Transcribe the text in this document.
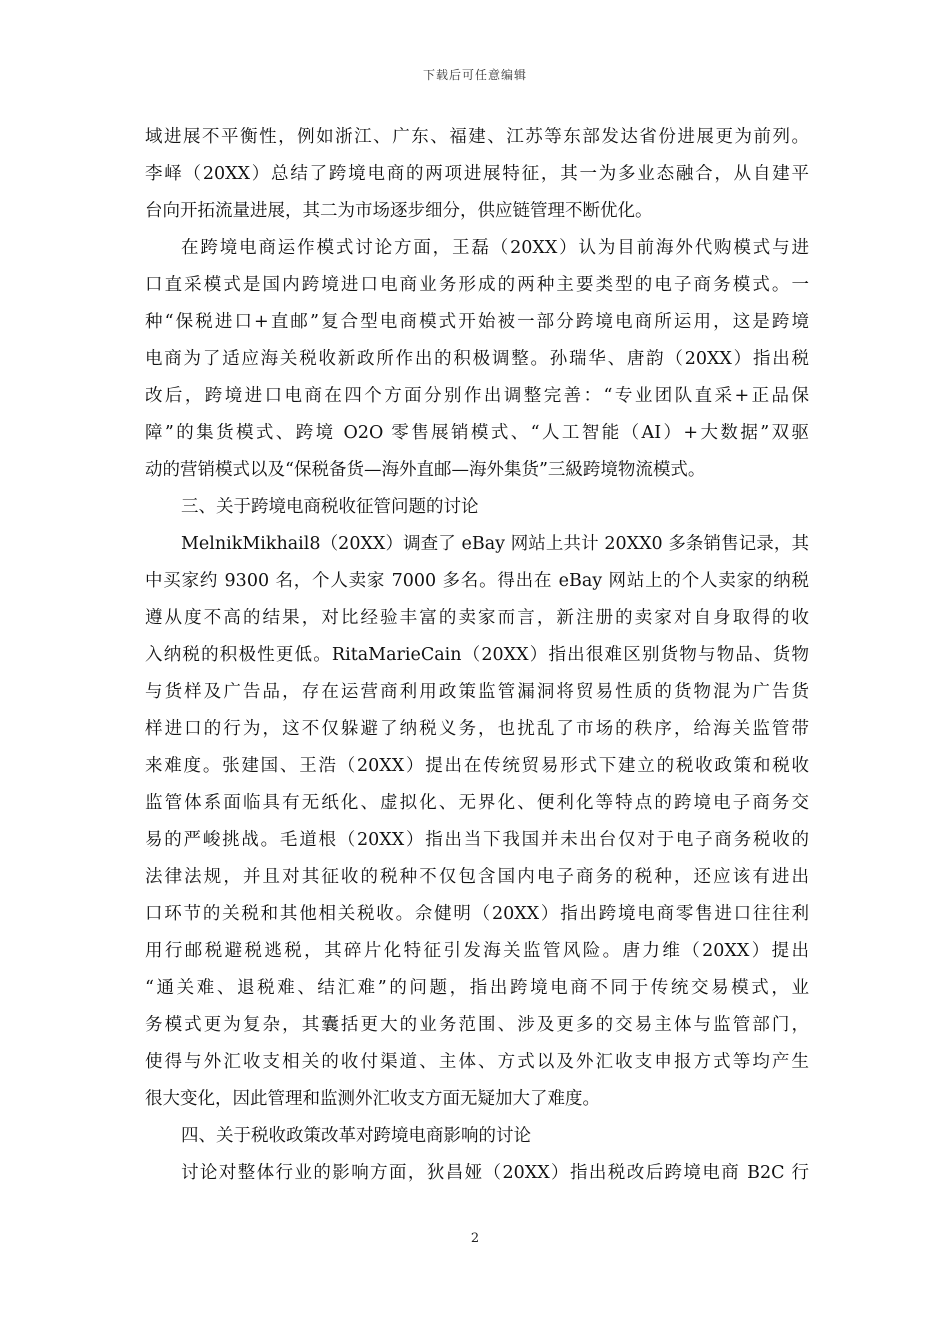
下载后可任意编辑
域进展不平衡性，例如浙江、广东、福建、江苏等东部发达省份进展更为前列。
李峄（20XX）总结了跨境电商的两项进展特征，其一为多业态融合，从自建平
台向开拓流量进展，其二为市场逐步细分，供应链管理不断优化。
在跨境电商运作模式讨论方面，王磊（20XX）认为目前海外代购模式与进
口直采模式是国内跨境进口电商业务形成的两种主要类型的电子商务模式。一
种“保税进口+直邮”复合型电商模式开始被一部分跨境电商所运用，这是跨境
电商为了适应海关税收新政所作出的积极调整。孙瑞华、唐韵（20XX）指出税
改后，跨境进口电商在四个方面分别作出调整完善：“专业团队直采+正品保
障”的集货模式、跨境 O2O 零售展销模式、“人工智能（AI）+大数据”双驱
动的营销模式以及“保税备货—海外直邮—海外集货”三級跨境物流模式。
三、关于跨境电商税收征管问题的讨论
MelnikMikhail8（20XX）调查了 eBay 网站上共计 20XX0 多条销售记录，其
中买家约 9300 名，个人卖家 7000 多名。得出在 eBay 网站上的个人卖家的纳税
遵从度不高的结果，对比经验丰富的卖家而言，新注册的卖家对自身取得的收
入纳税的积极性更低。RitaMarieCain（20XX）指出很难区别货物与物品、货物
与货样及广告品，存在运营商利用政策监管漏洞将贸易性质的货物混为广告货
样进口的行为，这不仅躲避了纳税义务，也扰乱了市场的秩序，给海关监管带
来难度。张建国、王浩（20XX）提出在传统贸易形式下建立的税收政策和税收
监管体系面临具有无纸化、虚拟化、无界化、便利化等特点的跨境电子商务交
易的严峻挑战。毛道根（20XX）指出当下我国并未出台仅对于电子商务税收的
法律法规，并且对其征收的税种不仅包含国内电子商务的税种，还应该有进出
口环节的关税和其他相关税收。佘健明（20XX）指出跨境电商零售进口往往利
用行邮税避税逃税，其碎片化特征引发海关监管风险。唐力维（20XX）提出
“通关难、退税难、结汇难”的问题，指出跨境电商不同于传统交易模式，业
务模式更为复杂，其囊括更大的业务范围、涉及更多的交易主体与监管部门，
使得与外汇收支相关的收付渠道、主体、方式以及外汇收支申报方式等均产生
很大变化，因此管理和监测外汇收支方面无疑加大了难度。
四、关于税收政策改革对跨境电商影响的讨论
讨论对整体行业的影响方面，狄昌娅（20XX）指出税改后跨境电商 B2C 行
2
